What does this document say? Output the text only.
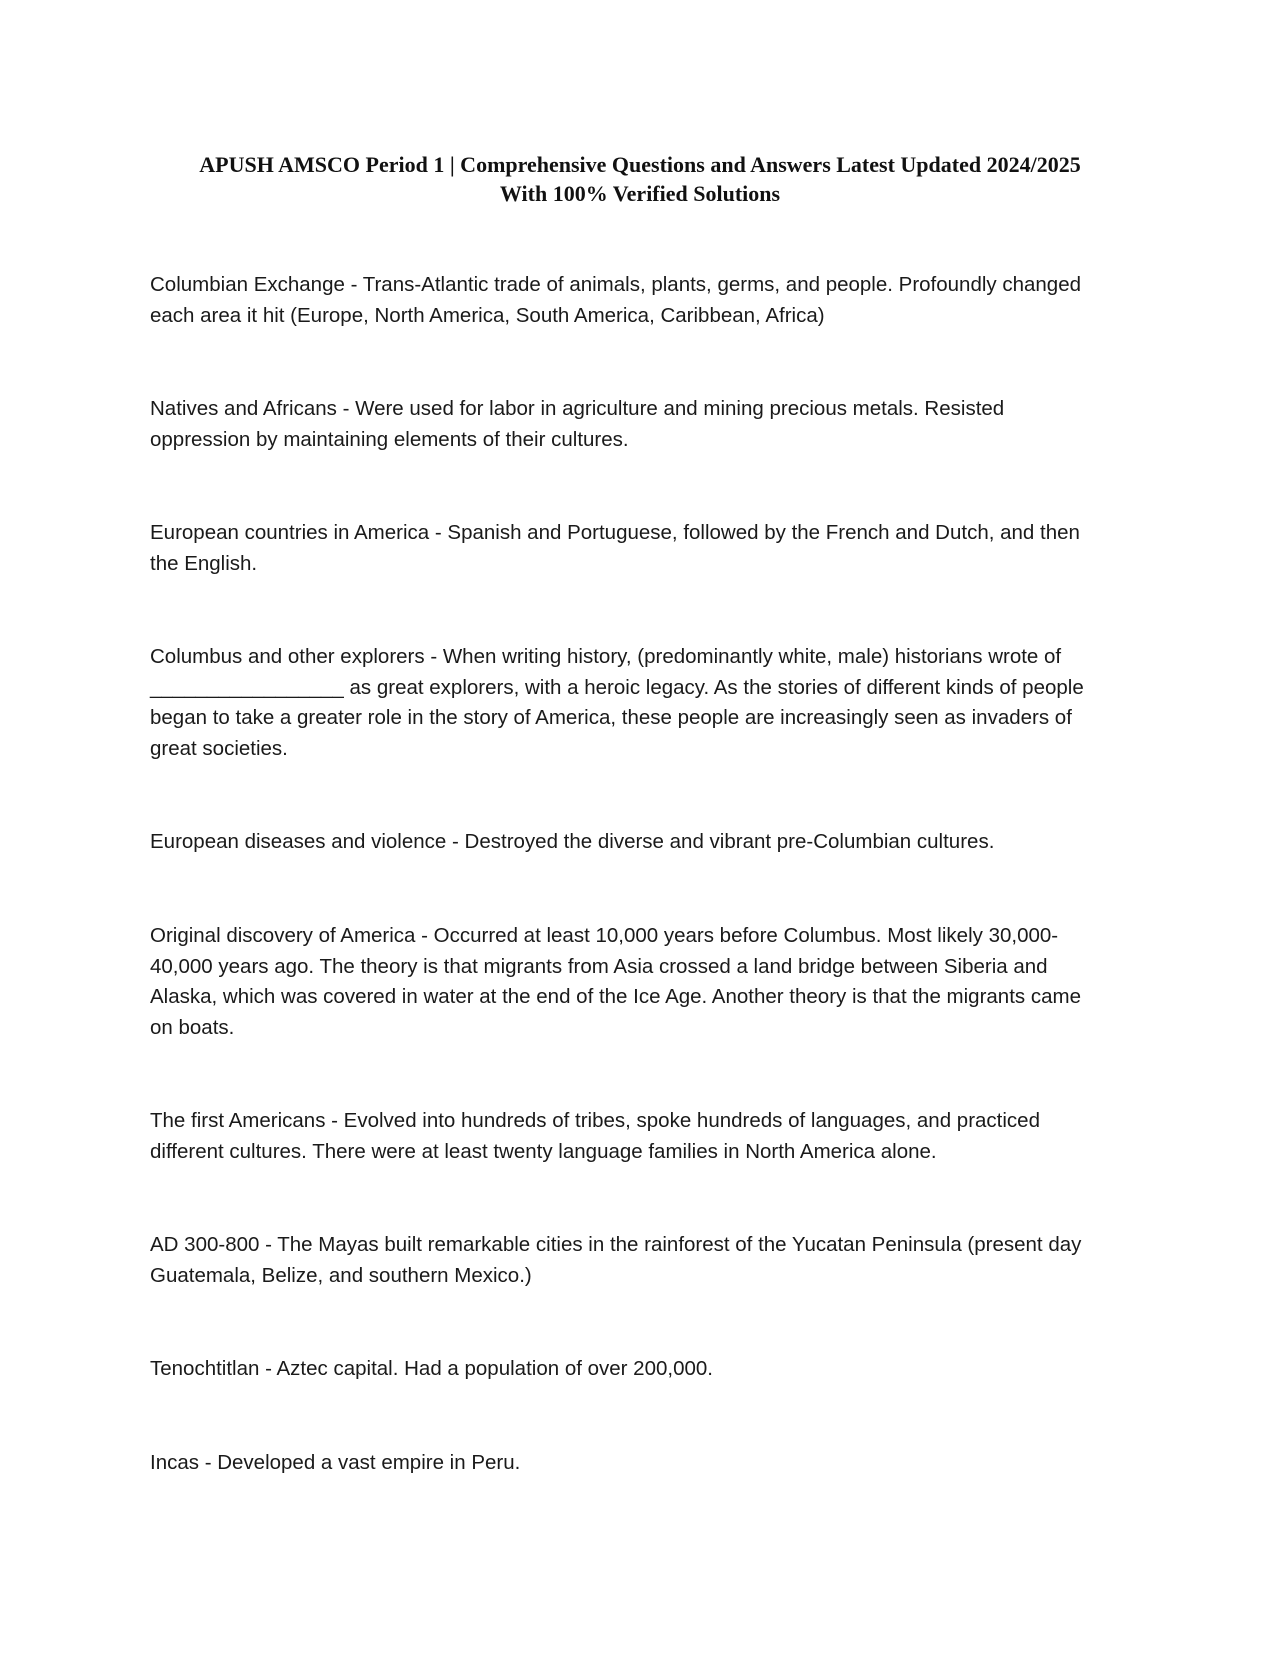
APUSH AMSCO Period 1 | Comprehensive Questions and Answers Latest Updated 2024/2025
With 100% Verified Solutions
Columbian Exchange - Trans-Atlantic trade of animals, plants, germs, and people. Profoundly changed
each area it hit (Europe, North America, South America, Caribbean, Africa)
Natives and Africans - Were used for labor in agriculture and mining precious metals. Resisted
oppression by maintaining elements of their cultures.
European countries in America - Spanish and Portuguese, followed by the French and Dutch, and then
the English.
Columbus and other explorers - When writing history, (predominantly white, male) historians wrote of
_________________ as great explorers, with a heroic legacy. As the stories of different kinds of people
began to take a greater role in the story of America, these people are increasingly seen as invaders of
great societies.
European diseases and violence - Destroyed the diverse and vibrant pre-Columbian cultures.
Original discovery of America - Occurred at least 10,000 years before Columbus. Most likely 30,000-
40,000 years ago. The theory is that migrants from Asia crossed a land bridge between Siberia and
Alaska, which was covered in water at the end of the Ice Age. Another theory is that the migrants came
on boats.
The first Americans - Evolved into hundreds of tribes, spoke hundreds of languages, and practiced
different cultures. There were at least twenty language families in North America alone.
AD 300-800 - The Mayas built remarkable cities in the rainforest of the Yucatan Peninsula (present day
Guatemala, Belize, and southern Mexico.)
Tenochtitlan - Aztec capital. Had a population of over 200,000.
Incas - Developed a vast empire in Peru.
